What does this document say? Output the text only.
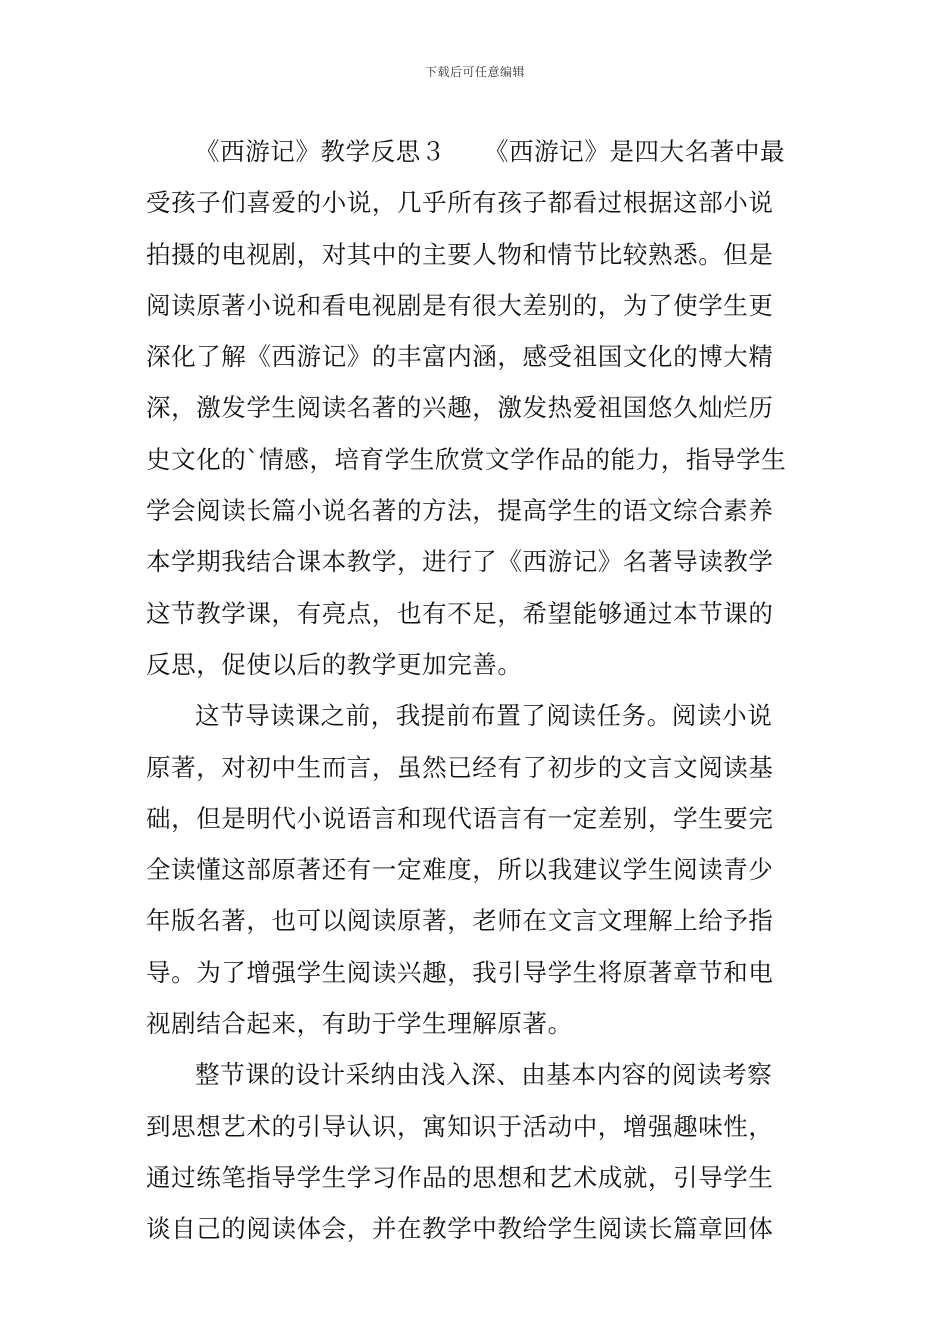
下载后可任意编辑
《西游记》教学反思３　　《西游记》是四大名著中最
受孩子们喜爱的小说，几乎所有孩子都看过根据这部小说
拍摄的电视剧，对其中的主要人物和情节比较熟悉。但是
阅读原著小说和看电视剧是有很大差别的，为了使学生更
深化了解《西游记》的丰富内涵，感受祖国文化的博大精
深，激发学生阅读名著的兴趣，激发热爱祖国悠久灿烂历
史文化的`情感，培育学生欣赏文学作品的能力，指导学生
学会阅读长篇小说名著的方法，提高学生的语文综合素养
本学期我结合课本教学，进行了《西游记》名著导读教学
这节教学课，有亮点，也有不足，希望能够通过本节课的
反思，促使以后的教学更加完善。
这节导读课之前，我提前布置了阅读任务。阅读小说
原著，对初中生而言，虽然已经有了初步的文言文阅读基
础，但是明代小说语言和现代语言有一定差别，学生要完
全读懂这部原著还有一定难度，所以我建议学生阅读青少
年版名著，也可以阅读原著，老师在文言文理解上给予指
导。为了增强学生阅读兴趣，我引导学生将原著章节和电
视剧结合起来，有助于学生理解原著。
整节课的设计采纳由浅入深、由基本内容的阅读考察
到思想艺术的引导认识，寓知识于活动中，增强趣味性，
通过练笔指导学生学习作品的思想和艺术成就，引导学生
谈自己的阅读体会，并在教学中教给学生阅读长篇章回体
